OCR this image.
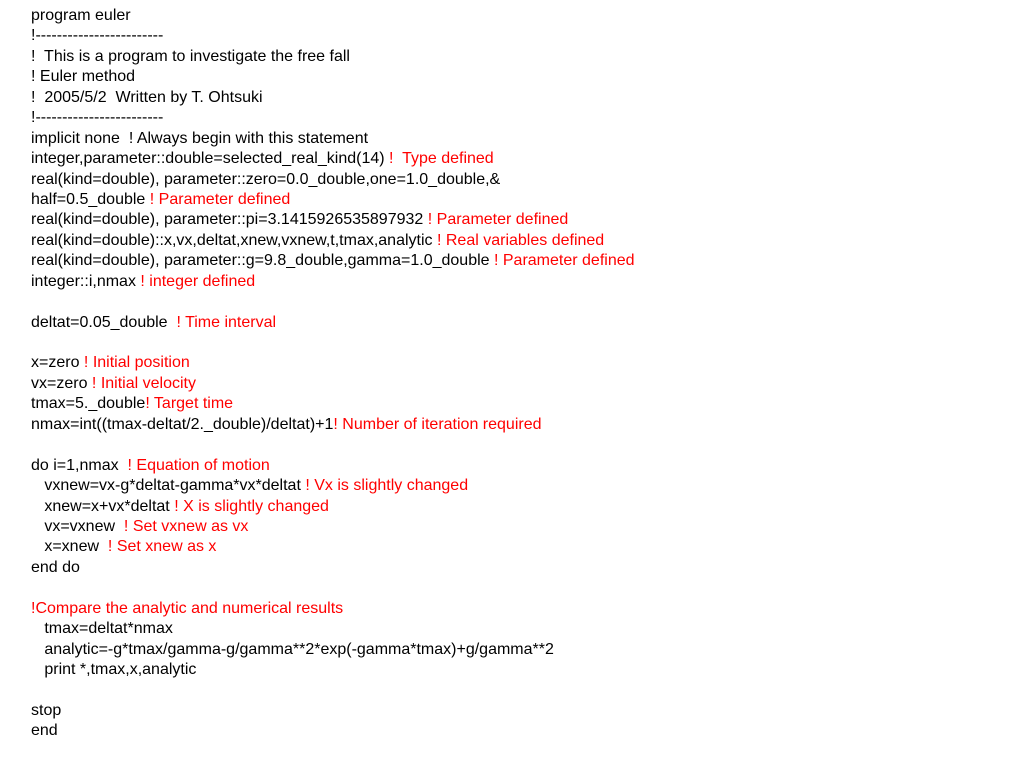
program euler
!------------------------
!  This is a program to investigate the free fall
! Euler method
!  2005/5/2  Written by T. Ohtsuki
!------------------------
implicit none  ! Always begin with this statement
integer,parameter::double=selected_real_kind(14) !  Type defined
real(kind=double), parameter::zero=0.0_double,one=1.0_double,&
half=0.5_double ! Parameter defined
real(kind=double), parameter::pi=3.1415926535897932 ! Parameter defined
real(kind=double)::x,vx,deltat,xnew,vxnew,t,tmax,analytic ! Real variables defined
real(kind=double), parameter::g=9.8_double,gamma=1.0_double ! Parameter defined
integer::i,nmax ! integer defined
deltat=0.05_double  ! Time interval
x=zero ! Initial position
vx=zero ! Initial velocity
tmax=5._double! Target time
nmax=int((tmax-deltat/2._double)/deltat)+1! Number of iteration required
do i=1,nmax  ! Equation of motion
vxnew=vx-g*deltat-gamma*vx*deltat ! Vx is slightly changed
xnew=x+vx*deltat ! X is slightly changed
vx=vxnew  ! Set vxnew as vx
x=xnew  ! Set xnew as x
end do
!Compare the analytic and numerical results
tmax=deltat*nmax
analytic=-g*tmax/gamma-g/gamma**2*exp(-gamma*tmax)+g/gamma**2
print *,tmax,x,analytic
stop
end
